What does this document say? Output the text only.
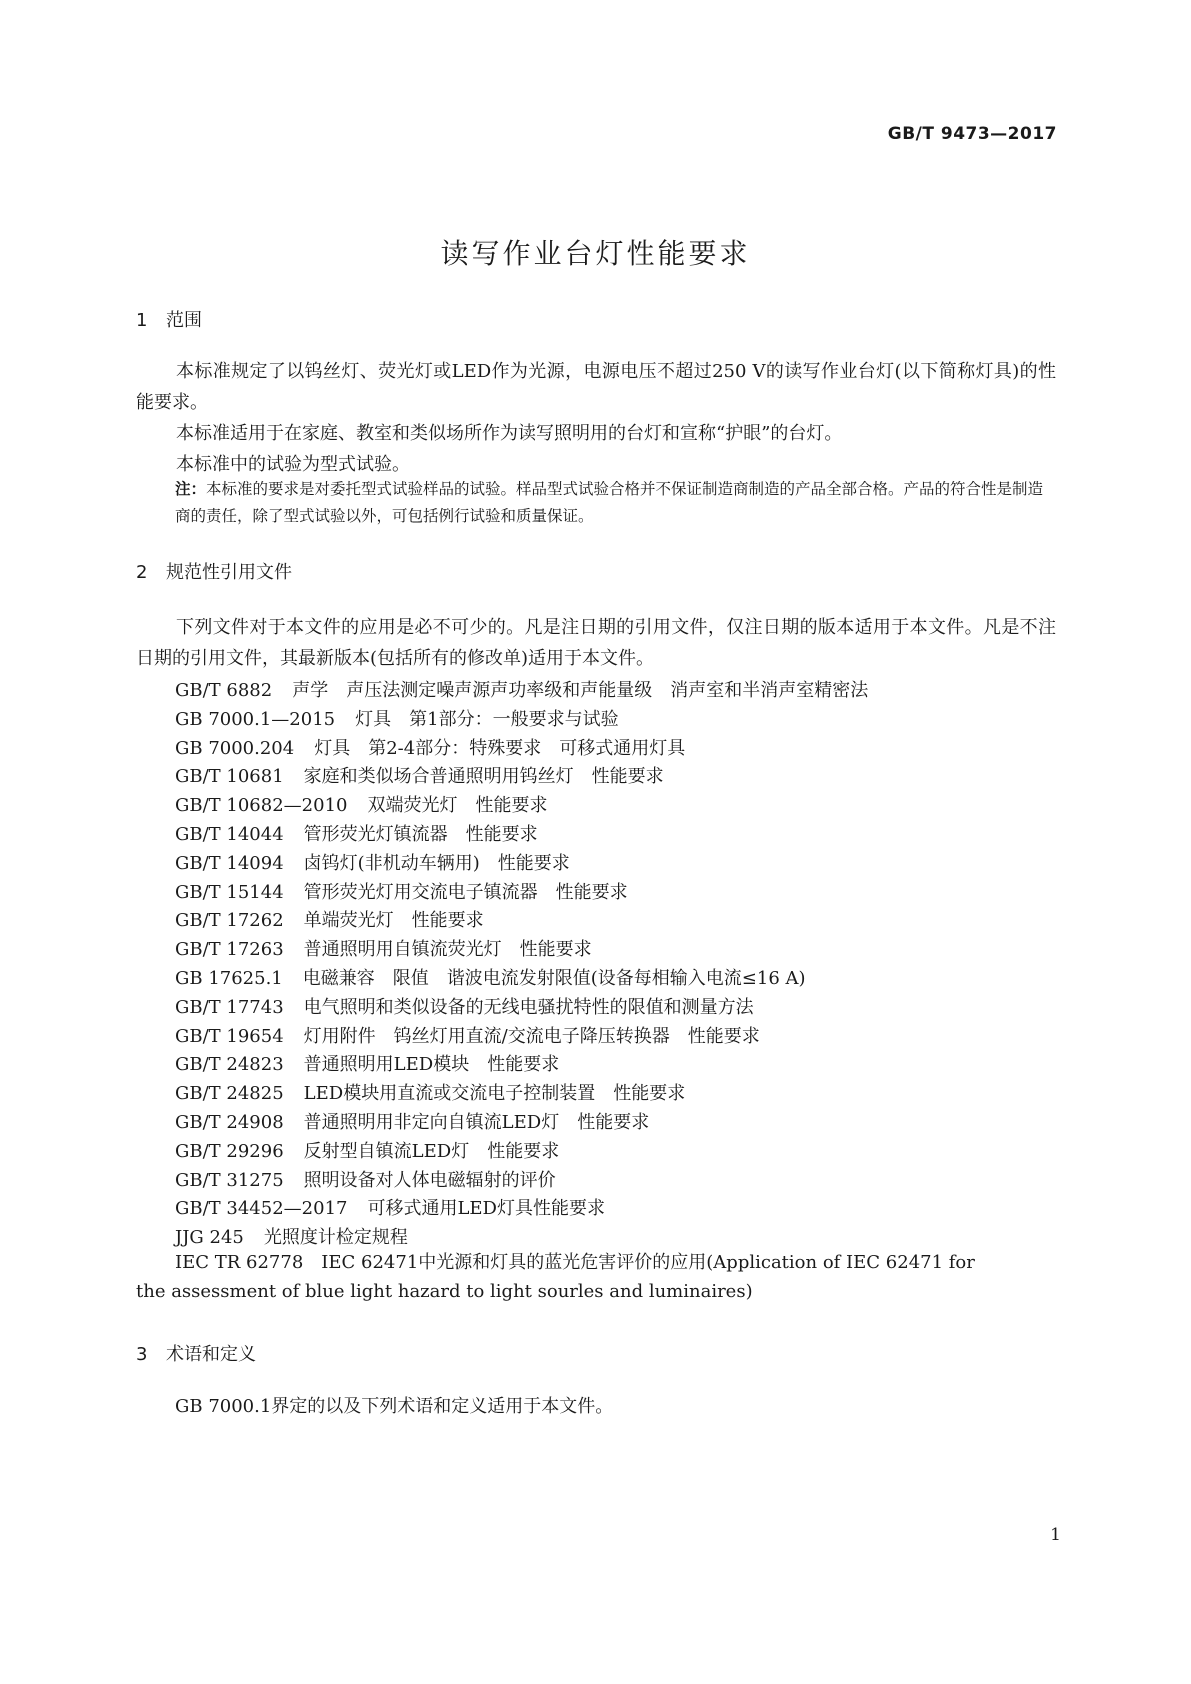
GB/T 9473—2017
读写作业台灯性能要求
1 范围
本标准规定了以钨丝灯、荧光灯或LED作为光源，电源电压不超过250 V的读写作业台灯(以下简称灯具)的性能要求。
本标准适用于在家庭、教室和类似场所作为读写照明用的台灯和宣称“护眼”的台灯。
本标准中的试验为型式试验。
注：本标准的要求是对委托型式试验样品的试验。样品型式试验合格并不保证制造商制造的产品全部合格。产品的符合性是制造商的责任，除了型式试验以外，可包括例行试验和质量保证。
2 规范性引用文件
下列文件对于本文件的应用是必不可少的。凡是注日期的引用文件，仅注日期的版本适用于本文件。凡是不注日期的引用文件，其最新版本(包括所有的修改单)适用于本文件。
GB/T 6882 声学　声压法测定噪声源声功率级和声能量级　消声室和半消声室精密法
GB 7000.1—2015 灯具　第1部分：一般要求与试验
GB 7000.204 灯具　第2-4部分：特殊要求　可移式通用灯具
GB/T 10681 家庭和类似场合普通照明用钨丝灯　性能要求
GB/T 10682—2010 双端荧光灯　性能要求
GB/T 14044 管形荧光灯镇流器　性能要求
GB/T 14094 卤钨灯(非机动车辆用)　性能要求
GB/T 15144 管形荧光灯用交流电子镇流器　性能要求
GB/T 17262 单端荧光灯　性能要求
GB/T 17263 普通照明用自镇流荧光灯　性能要求
GB 17625.1 电磁兼容　限值　谐波电流发射限值(设备每相输入电流≤16 A)
GB/T 17743 电气照明和类似设备的无线电骚扰特性的限值和测量方法
GB/T 19654 灯用附件　钨丝灯用直流/交流电子降压转换器　性能要求
GB/T 24823 普通照明用LED模块　性能要求
GB/T 24825 LED模块用直流或交流电子控制装置　性能要求
GB/T 24908 普通照明用非定向自镇流LED灯　性能要求
GB/T 29296 反射型自镇流LED灯　性能要求
GB/T 31275 照明设备对人体电磁辐射的评价
GB/T 34452—2017 可移式通用LED灯具性能要求
JJG 245 光照度计检定规程
IEC TR 62778　IEC 62471中光源和灯具的蓝光危害评价的应用(Application of IEC 62471 for
the assessment of blue light hazard to light sourles and luminaires)
3 术语和定义
GB 7000.1界定的以及下列术语和定义适用于本文件。
1
